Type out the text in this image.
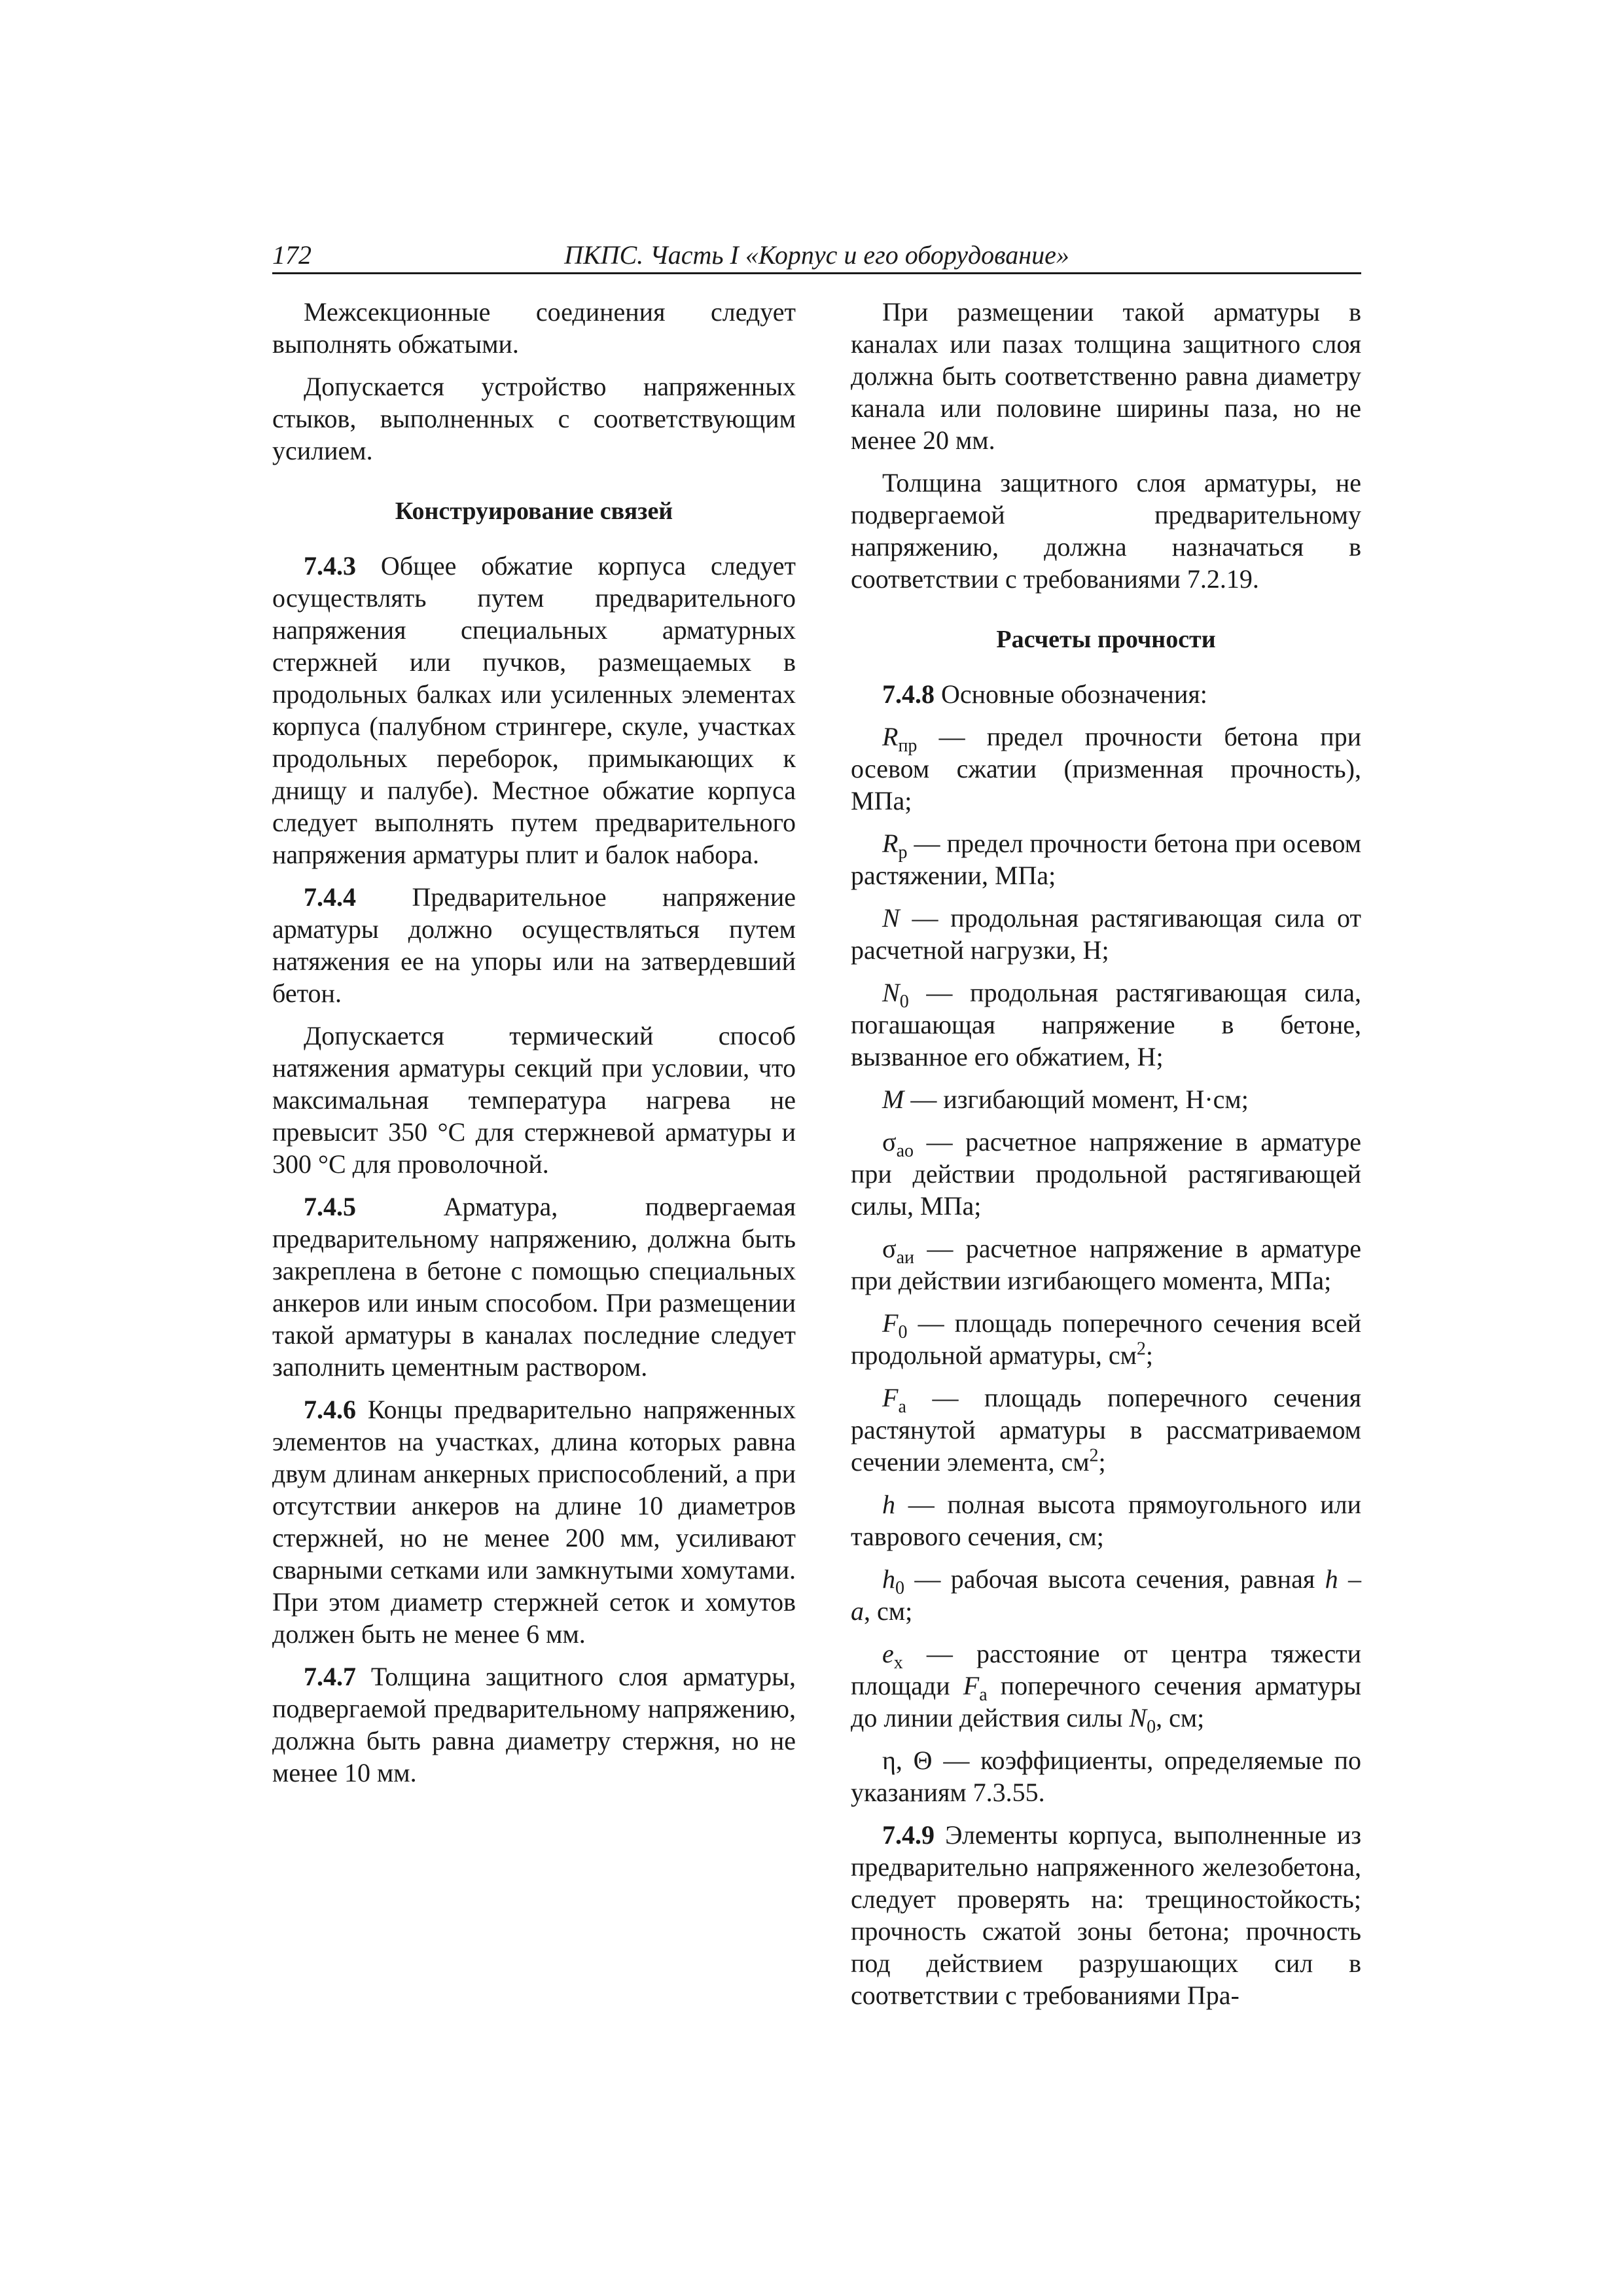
172	ПКПС. Часть I «Корпус и его оборудование»

Межсекционные соединения следует выполнять обжатыми.

Допускается устройство напряженных стыков, выполненных с соответствующим усилием.

Конструирование связей

7.4.3 Общее обжатие корпуса следует осуществлять путем предварительного напряжения специальных арматурных стержней или пучков, размещаемых в продольных балках или усиленных элементах корпуса (палубном стрингере, скуле, участках продольных переборок, примыкающих к днищу и палубе). Местное обжатие корпуса следует выполнять путем предварительного напряжения арматуры плит и балок набора.

7.4.4 Предварительное напряжение арматуры должно осуществляться путем натяжения ее на упоры или на затвердевший бетон.

Допускается термический способ натяжения арматуры секций при условии, что максимальная температура нагрева не превысит 350 °С для стержневой арматуры и 300 °С для проволочной.

7.4.5	Арматура, подвергаемая предварительному напряжению, должна быть закреплена в бетоне с помощью специальных анкеров или иным способом. При размещении такой арматуры в каналах последние следует заполнить цементным раствором.

7.4.6 Концы предварительно напряженных элементов на участках, длина которых равна двум длинам анкерных приспособлений, а при отсутствии анкеров на длине 10 диаметров стержней, но не менее 200 мм, усиливают сварными сетками или замкнутыми хомутами. При этом диаметр стержней сеток и хомутов должен быть не менее 6 мм.

7.4.7 Толщина защитного слоя арматуры, подвергаемой предварительному напряжению, должна быть равна диаметру стержня, но не менее 10 мм.

При размещении такой арматуры в каналах или пазах толщина защитного слоя должна быть соответственно равна диаметру канала или половине ширины паза, но не менее 20 мм.

Толщина защитного слоя арматуры, не подвергаемой предварительному напряжению, должна назначаться в соответствии с требованиями 7.2.19.

Расчеты прочности

7.4.8 Основные обозначения:

$R_{пр}$ — предел прочности бетона при осевом сжатии (призменная прочность), МПа;

$R_р$ — предел прочности бетона при осевом растяжении, МПа;

N — продольная растягивающая сила от расчетной нагрузки, Н;

$N_0$ — продольная растягивающая сила, погашающая напряжение в бетоне, вызванное его обжатием, Н;

M — изгибающий момент, Н·см;

$\sigma_{ао}$ — расчетное напряжение в арматуре при действии продольной растягивающей силы, МПа;

$\sigma_{аи}$ — расчетное напряжение в арматуре при действии изгибающего момента, МПа;

$F_0$ — площадь поперечного сечения всей продольной арматуры, $см^2$;

$F_а$ — площадь поперечного сечения растянутой арматуры в рассматриваемом сечении элемента, $см^2$;

h — полная высота прямоугольного или таврового сечения, см;

$h_0$ — рабочая высота сечения, равная h – a, см;

$e_x$ — расстояние от центра тяжести площади $F_а$ поперечного сечения арматуры до линии действия силы $N_0$, см;

η, Θ — коэффициенты, определяемые по указаниям 7.3.55.

7.4.9 Элементы корпуса, выполненные из предварительно напряженного железобетона, следует проверять на: трещиностойкость; прочность сжатой зоны бетона; прочность под действием разрушающих сил в соответствии с требованиями Пра-
